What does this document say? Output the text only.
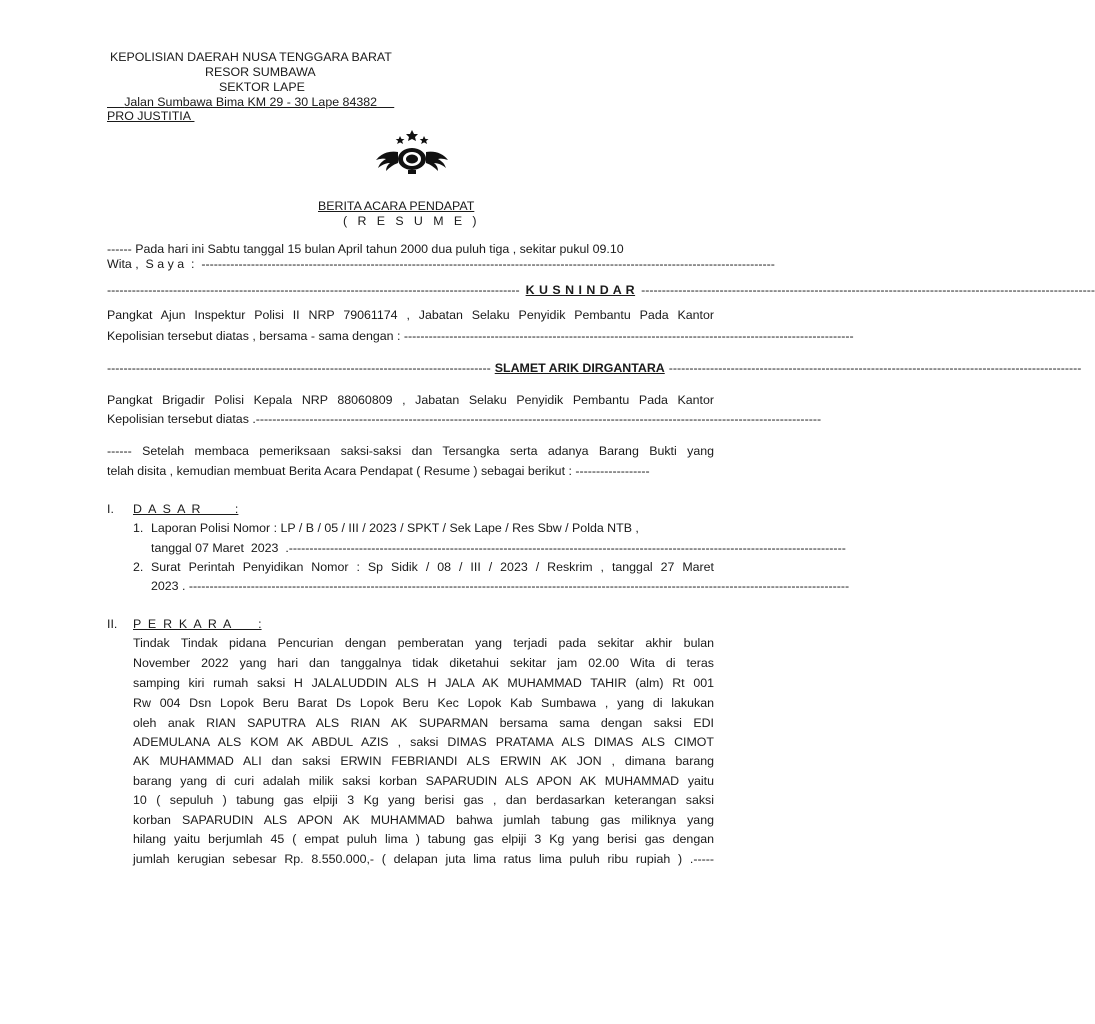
KEPOLISIAN DAERAH NUSA TENGGARA BARAT
RESOR SUMBAWA
SEKTOR LAPE
Jalan Sumbawa Bima KM 29 - 30 Lape 84382
PRO JUSTITIA
BERITA ACARA PENDAPAT
(   R   E   S   U   M   E   )
------ Pada hari ini Sabtu tanggal 15 bulan April tahun 2000 dua puluh tiga , sekitar pukul 09.10
Wita ,  S a y a  : -------------------------------------------------------------------------------------------------------------------------------------------
---------------------------------------------------------------------------------------------------- K U S N I N D A R --------------------------------------------------------------------------------------------------------------
Pangkat Ajun Inspektur Polisi II NRP 79061174 , Jabatan Selaku Penyidik Pembantu Pada Kantor
Kepolisian tersebut diatas , bersama - sama dengan : -------------------------------------------------------------------------------------------------------------
--------------------------------------------------------------------------------------------- SLAMET ARIK DIRGANTARA ----------------------------------------------------------------------------------------------------
Pangkat Brigadir Polisi Kepala NRP 88060809 , Jabatan Selaku Penyidik Pembantu Pada Kantor
Kepolisian tersebut diatas . -----------------------------------------------------------------------------------------------------------------------------------------
------ Setelah membaca pemeriksaan saksi-saksi dan Tersangka serta adanya Barang Bukti yang
telah disita , kemudian membuat Berita Acara Pendapat ( Resume ) sebagai berikut : ------------------
I. D  A  S  A  R          :
1. Laporan Polisi Nomor : LP / B / 05 / III / 2023 / SPKT / Sek Lape / Res Sbw / Polda NTB ,
tanggal 07 Maret  2023  . ---------------------------------------------------------------------------------------------------------------------------------------
2. Surat Perintah Penyidikan Nomor : Sp Sidik / 08 / III / 2023 / Reskrim , tanggal 27 Maret
2023 . ----------------------------------------------------------------------------------------------------------------------------------------------------------------
II. P  E  R  K  A  R  A        :
Tindak Tindak pidana Pencurian dengan pemberatan yang terjadi pada sekitar akhir bulan
November 2022 yang hari dan tanggalnya tidak diketahui sekitar jam 02.00 Wita di teras
samping kiri rumah saksi H JALALUDDIN ALS H JALA AK MUHAMMAD TAHIR (alm) Rt 001
Rw 004 Dsn Lopok Beru Barat Ds Lopok Beru Kec Lopok Kab Sumbawa , yang di lakukan
oleh anak RIAN SAPUTRA ALS RIAN AK SUPARMAN bersama sama dengan saksi EDI
ADEMULANA ALS KOM AK ABDUL AZIS , saksi DIMAS PRATAMA ALS DIMAS ALS CIMOT
AK MUHAMMAD ALI dan saksi ERWIN FEBRIANDI ALS ERWIN AK JON , dimana barang
barang yang di curi adalah milik saksi korban SAPARUDIN ALS APON AK MUHAMMAD yaitu
10 ( sepuluh ) tabung gas elpiji 3 Kg yang berisi gas , dan berdasarkan keterangan saksi
korban SAPARUDIN ALS APON AK MUHAMMAD bahwa jumlah tabung gas miliknya yang
hilang yaitu berjumlah 45 ( empat puluh lima ) tabung gas elpiji 3 Kg yang berisi gas dengan
jumlah kerugian sebesar Rp. 8.550.000,- ( delapan juta lima ratus lima puluh ribu rupiah ) .-----
